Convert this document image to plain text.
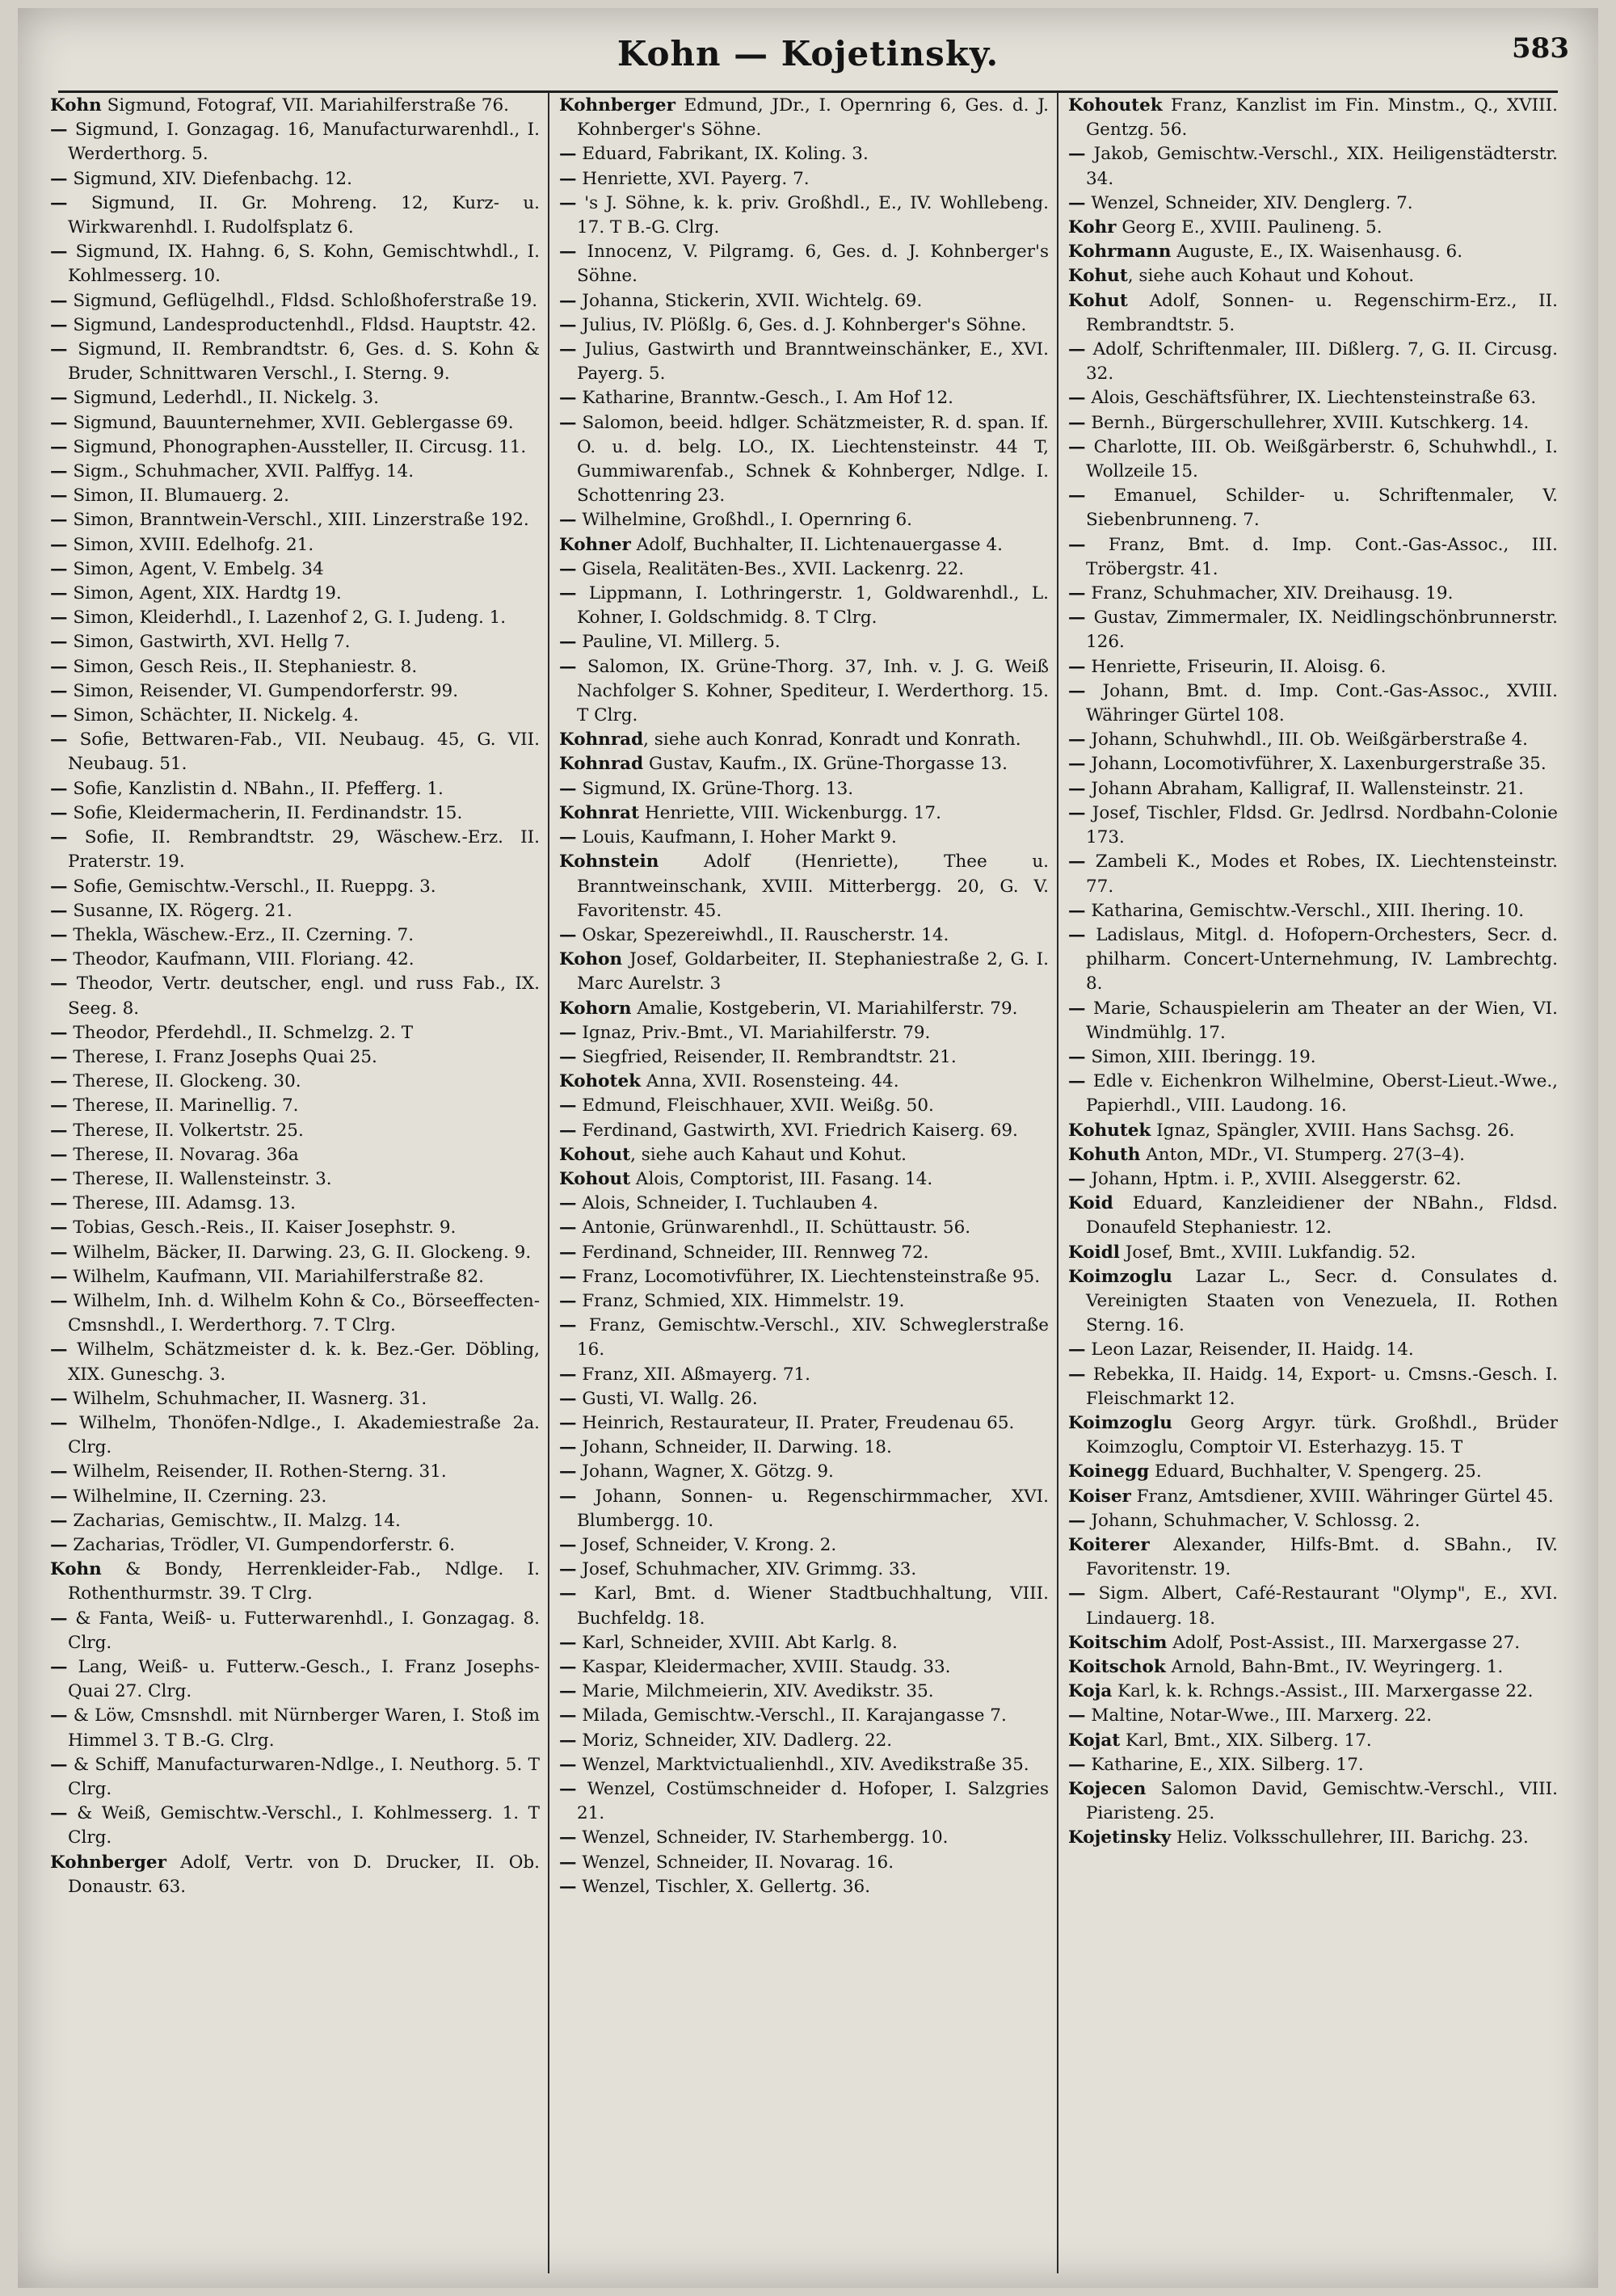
Kohn — Kojetinsky.	583

Kohn Sigmund, Fotograf, VII. Mariahilferstraße 76.

— Sigmund, I. Gonzagag. 16, Manufacturwarenhdl., I. Werderthorg. 5.

— Sigmund, XIV. Diefenbachg. 12.

— Sigmund, II. Gr. Mohreng. 12, Kurz- u. Wirkwarenhdl. I. Rudolfsplatz 6.

— Sigmund, IX. Hahng. 6, S. Kohn, Gemischtwhdl., I. Kohlmesserg. 10.

— Sigmund, Geflügelhdl., Fldsd. Schloßhoferstraße 19.

— Sigmund, Landesproductenhdl., Fldsd. Hauptstr. 42.

— Sigmund, II. Rembrandtstr. 6, Ges. d. S. Kohn & Bruder, Schnittwaren Verschl., I. Sterng. 9.

— Sigmund, Lederhdl., II. Nickelg. 3.

— Sigmund, Bauunternehmer, XVII. Geblergasse 69.

— Sigmund, Phonographen-Aussteller, II. Circusg. 11.

— Sigm., Schuhmacher, XVII. Palffyg. 14.

— Simon, II. Blumauerg. 2.

— Simon, Branntwein-Verschl., XIII. Linzerstraße 192.

— Simon, XVIII. Edelhofg. 21.

— Simon, Agent, V. Embelg. 34

— Simon, Agent, XIX. Hardtg 19.

— Simon, Kleiderhdl., I. Lazenhof 2, G. I. Judeng. 1.

— Simon, Gastwirth, XVI. Hellg 7.

— Simon, Gesch Reis., II. Stephaniestr. 8.

— Simon, Reisender, VI. Gumpendorferstr. 99.

— Simon, Schächter, II. Nickelg. 4.

— Sofie, Bettwaren-Fab., VII. Neubaug. 45, G. VII. Neubaug. 51.

— Sofie, Kanzlistin d. NBahn., II. Pfefferg. 1.

— Sofie, Kleidermacherin, II. Ferdinandstr. 15.

— Sofie, II. Rembrandtstr. 29, Wäschew.-Erz. II. Praterstr. 19.

— Sofie, Gemischtw.-Verschl., II. Rueppg. 3.

— Susanne, IX. Rögerg. 21.

— Thekla, Wäschew.-Erz., II. Czerning. 7.

— Theodor, Kaufmann, VIII. Floriang. 42.

— Theodor, Vertr. deutscher, engl. und russ Fab., IX. Seeg. 8.

— Theodor, Pferdehdl., II. Schmelzg. 2. T

— Therese, I. Franz Josephs Quai 25.

— Therese, II. Glockeng. 30.

— Therese, II. Marinellig. 7.

— Therese, II. Volkertstr. 25.

— Therese, II. Novarag. 36a

— Therese, II. Wallensteinstr. 3.

— Therese, III. Adamsg. 13.

— Tobias, Gesch.-Reis., II. Kaiser Josephstr. 9.

— Wilhelm, Bäcker, II. Darwing. 23, G. II. Glockeng. 9.

— Wilhelm, Kaufmann, VII. Mariahilferstraße 82.

— Wilhelm, Inh. d. Wilhelm Kohn & Co., Börseeffecten-Cmsnshdl., I. Werderthorg. 7. T Clrg.

— Wilhelm, Schätzmeister d. k. k. Bez.-Ger. Döbling, XIX. Guneschg. 3.

— Wilhelm, Schuhmacher, II. Wasnerg. 31.

— Wilhelm, Thonöfen-Ndlge., I. Akademiestraße 2a. Clrg.

— Wilhelm, Reisender, II. Rothen-Sterng. 31.

— Wilhelmine, II. Czerning. 23.

— Zacharias, Gemischtw., II. Malzg. 14.

— Zacharias, Trödler, VI. Gumpendorferstr. 6.

Kohn & Bondy, Herrenkleider-Fab., Ndlge. I. Rothenthurmstr. 39. T Clrg.

— & Fanta, Weiß- u. Futterwarenhdl., I. Gonzagag. 8. Clrg.

— Lang, Weiß- u. Futterw.-Gesch., I. Franz Josephs-Quai 27. Clrg.

— & Löw, Cmsnshdl. mit Nürnberger Waren, I. Stoß im Himmel 3. T B.-G. Clrg.

— & Schiff, Manufacturwaren-Ndlge., I. Neuthorg. 5. T Clrg.

— & Weiß, Gemischtw.-Verschl., I. Kohlmesserg. 1. T Clrg.

Kohnberger Adolf, Vertr. von D. Drucker, II. Ob. Donaustr. 63.

Kohnberger Edmund, JDr., I. Opernring 6, Ges. d. J. Kohnberger's Söhne.

— Eduard, Fabrikant, IX. Koling. 3.

— Henriette, XVI. Payerg. 7.

— 's J. Söhne, k. k. priv. Großhdl., E., IV. Wohllebeng. 17. T B.-G. Clrg.

— Innocenz, V. Pilgramg. 6, Ges. d. J. Kohnberger's Söhne.

— Johanna, Stickerin, XVII. Wichtelg. 69.

— Julius, IV. Plößlg. 6, Ges. d. J. Kohnberger's Söhne.

— Julius, Gastwirth und Branntweinschänker, E., XVI. Payerg. 5.

— Katharine, Branntw.-Gesch., I. Am Hof 12.

— Salomon, beeid. hdlger. Schätzmeister, R. d. span. If. O. u. d. belg. LO., IX. Liechtensteinstr. 44 T, Gummiwarenfab., Schnek & Kohnberger, Ndlge. I. Schottenring 23.

— Wilhelmine, Großhdl., I. Opernring 6.

Kohner Adolf, Buchhalter, II. Lichtenauergasse 4.

— Gisela, Realitäten-Bes., XVII. Lackenrg. 22.

— Lippmann, I. Lothringerstr. 1, Goldwarenhdl., L. Kohner, I. Goldschmidg. 8. T Clrg.

— Pauline, VI. Millerg. 5.

— Salomon, IX. Grüne-Thorg. 37, Inh. v. J. G. Weiß Nachfolger S. Kohner, Spediteur, I. Werderthorg. 15. T Clrg.

Kohnrad, siehe auch Konrad, Konradt und Konrath.

Kohnrad Gustav, Kaufm., IX. Grüne-Thorgasse 13.

— Sigmund, IX. Grüne-Thorg. 13.

Kohnrat Henriette, VIII. Wickenburgg. 17.

— Louis, Kaufmann, I. Hoher Markt 9.

Kohnstein Adolf (Henriette), Thee u. Branntweinschank, XVIII. Mitterbergg. 20, G. V. Favoritenstr. 45.

— Oskar, Spezereiwhdl., II. Rauscherstr. 14.

Kohon Josef, Goldarbeiter, II. Stephaniestraße 2, G. I. Marc Aurelstr. 3

Kohorn Amalie, Kostgeberin, VI. Mariahilferstr. 79.

— Ignaz, Priv.-Bmt., VI. Mariahilferstr. 79.

— Siegfried, Reisender, II. Rembrandtstr. 21.

Kohotek Anna, XVII. Rosensteing. 44.

— Edmund, Fleischhauer, XVII. Weißg. 50.

— Ferdinand, Gastwirth, XVI. Friedrich Kaiserg. 69.

Kohout, siehe auch Kahaut und Kohut.

Kohout Alois, Comptorist, III. Fasang. 14.

— Alois, Schneider, I. Tuchlauben 4.

— Antonie, Grünwarenhdl., II. Schüttaustr. 56.

— Ferdinand, Schneider, III. Rennweg 72.

— Franz, Locomotivführer, IX. Liechtensteinstraße 95.

— Franz, Schmied, XIX. Himmelstr. 19.

— Franz, Gemischtw.-Verschl., XIV. Schweglerstraße 16.

— Franz, XII. Aßmayerg. 71.

— Gusti, VI. Wallg. 26.

— Heinrich, Restaurateur, II. Prater, Freudenau 65.

— Johann, Schneider, II. Darwing. 18.

— Johann, Wagner, X. Götzg. 9.

— Johann, Sonnen- u. Regenschirmmacher, XVI. Blumbergg. 10.

— Josef, Schneider, V. Krong. 2.

— Josef, Schuhmacher, XIV. Grimmg. 33.

— Karl, Bmt. d. Wiener Stadtbuchhaltung, VIII. Buchfeldg. 18.

— Karl, Schneider, XVIII. Abt Karlg. 8.

— Kaspar, Kleidermacher, XVIII. Staudg. 33.

— Marie, Milchmeierin, XIV. Avedikstr. 35.

— Milada, Gemischtw.-Verschl., II. Karajangasse 7.

— Moriz, Schneider, XIV. Dadlerg. 22.

— Wenzel, Marktvictualienhdl., XIV. Avedikstraße 35.

— Wenzel, Costümschneider d. Hofoper, I. Salzgries 21.

— Wenzel, Schneider, IV. Starhembergg. 10.

— Wenzel, Schneider, II. Novarag. 16.

— Wenzel, Tischler, X. Gellertg. 36.

Kohoutek Franz, Kanzlist im Fin. Minstm., Q., XVIII. Gentzg. 56.

— Jakob, Gemischtw.-Verschl., XIX. Heiligenstädterstr. 34.

— Wenzel, Schneider, XIV. Denglerg. 7.

Kohr Georg E., XVIII. Paulineng. 5.

Kohrmann Auguste, E., IX. Waisenhausg. 6.

Kohut, siehe auch Kohaut und Kohout.

Kohut Adolf, Sonnen- u. Regenschirm-Erz., II. Rembrandtstr. 5.

— Adolf, Schriftenmaler, III. Dißlerg. 7, G. II. Circusg. 32.

— Alois, Geschäftsführer, IX. Liechtensteinstraße 63.

— Bernh., Bürgerschullehrer, XVIII. Kutschkerg. 14.

— Charlotte, III. Ob. Weißgärberstr. 6, Schuhwhdl., I. Wollzeile 15.

— Emanuel, Schilder- u. Schriftenmaler, V. Siebenbrunneng. 7.

— Franz, Bmt. d. Imp. Cont.-Gas-Assoc., III. Tröbergstr. 41.

— Franz, Schuhmacher, XIV. Dreihausg. 19.

— Gustav, Zimmermaler, IX. Neidlingschönbrunnerstr. 126.

— Henriette, Friseurin, II. Aloisg. 6.

— Johann, Bmt. d. Imp. Cont.-Gas-Assoc., XVIII. Währinger Gürtel 108.

— Johann, Schuhwhdl., III. Ob. Weißgärberstraße 4.

— Johann, Locomotivführer, X. Laxenburgerstraße 35.

— Johann Abraham, Kalligraf, II. Wallensteinstr. 21.

— Josef, Tischler, Fldsd. Gr. Jedlrsd. Nordbahn-Colonie 173.

— Zambeli K., Modes et Robes, IX. Liechtensteinstr. 77.

— Katharina, Gemischtw.-Verschl., XIII. Ihering. 10.

— Ladislaus, Mitgl. d. Hofopern-Orchesters, Secr. d. philharm. Concert-Unternehmung, IV. Lambrechtg. 8.

— Marie, Schauspielerin am Theater an der Wien, VI. Windmühlg. 17.

— Simon, XIII. Iberingg. 19.

— Edle v. Eichenkron Wilhelmine, Oberst-Lieut.-Wwe., Papierhdl., VIII. Laudong. 16.

Kohutek Ignaz, Spängler, XVIII. Hans Sachsg. 26.

Kohuth Anton, MDr., VI. Stumperg. 27(3–4).

— Johann, Hptm. i. P., XVIII. Alseggerstr. 62.

Koid Eduard, Kanzleidiener der NBahn., Fldsd. Donaufeld Stephaniestr. 12.

Koidl Josef, Bmt., XVIII. Lukfandig. 52.

Koimzoglu Lazar L., Secr. d. Consulates d. Vereinigten Staaten von Venezuela, II. Rothen Sterng. 16.

— Leon Lazar, Reisender, II. Haidg. 14.

— Rebekka, II. Haidg. 14, Export- u. Cmsns.-Gesch. I. Fleischmarkt 12.

Koimzoglu Georg Argyr. türk. Großhdl., Brüder Koimzoglu, Comptoir VI. Esterhazyg. 15. T

Koinegg Eduard, Buchhalter, V. Spengerg. 25.

Koiser Franz, Amtsdiener, XVIII. Währinger Gürtel 45.

— Johann, Schuhmacher, V. Schlossg. 2.

Koiterer Alexander, Hilfs-Bmt. d. SBahn., IV. Favoritenstr. 19.

— Sigm. Albert, Café-Restaurant "Olymp", E., XVI. Lindauerg. 18.

Koitschim Adolf, Post-Assist., III. Marxergasse 27.

Koitschok Arnold, Bahn-Bmt., IV. Weyringerg. 1.

Koja Karl, k. k. Rchngs.-Assist., III. Marxergasse 22.

— Maltine, Notar-Wwe., III. Marxerg. 22.

Kojat Karl, Bmt., XIX. Silberg. 17.

— Katharine, E., XIX. Silberg. 17.

Kojecen Salomon David, Gemischtw.-Verschl., VIII. Piaristeng. 25.

Kojetinsky Heliz. Volksschullehrer, III. Barichg. 23.
